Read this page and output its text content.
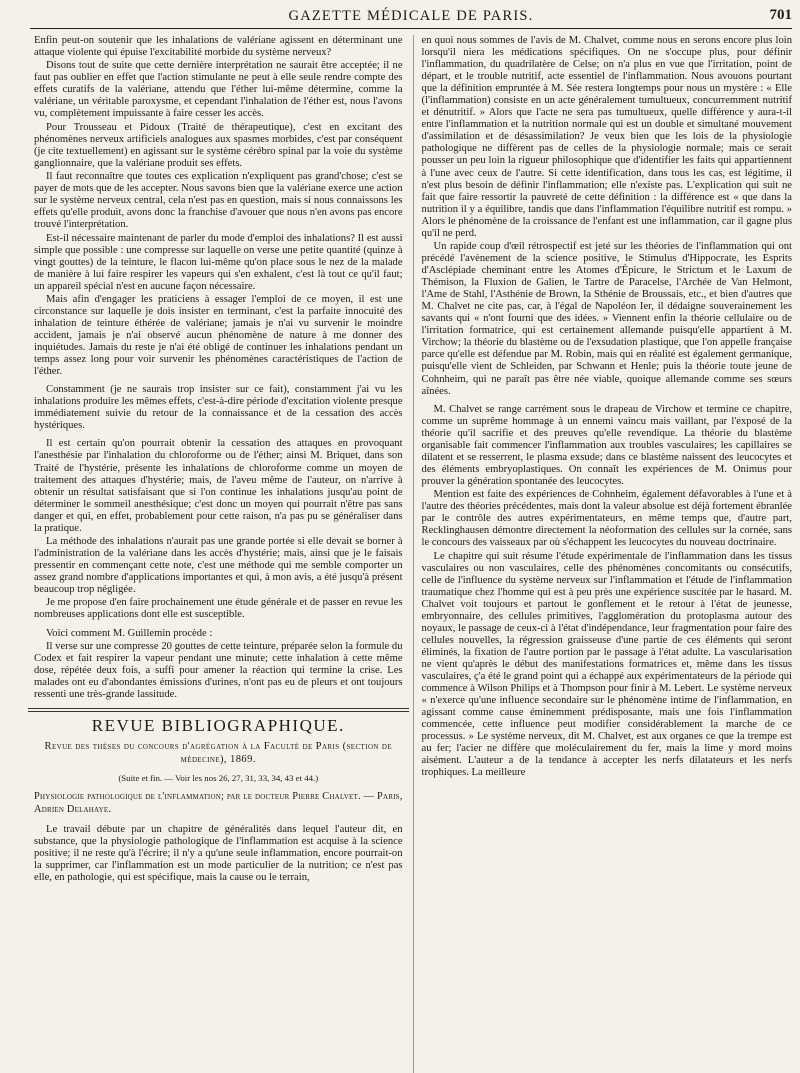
GAZETTE MÉDICALE DE PARIS.	701

Enfin peut-on soutenir que les inhalations de valériane agissent en déterminant une attaque violente qui épuise l'excitabilité morbide du système nerveux?

Disons tout de suite que cette dernière interprétation ne saurait être acceptée; il ne faut pas oublier en effet que l'action stimulante ne peut à elle seule rendre compte des effets curatifs de la valériane, attendu que l'éther lui-même détermine, comme la valériane, un véritable paroxysme, et cependant l'inhalation de l'éther est, nous l'avons vu, complètement impuissante à faire cesser les accès.

Pour Trousseau et Pidoux (Traité de thérapeutique), c'est en excitant des phénomènes nerveux artificiels analogues aux spasmes morbides, c'est par conséquent (je cite textuellement) en agissant sur le système cérébro spinal par la voie du système ganglionnaire, que la valériane produit ses effets.

Il faut reconnaître que toutes ces explication n'expliquent pas grand'chose; c'est se payer de mots que de les accepter. Nous savons bien que la valériane exerce une action sur le système nerveux central, cela n'est pas en question, mais si nous connaissons les effets qu'elle produit, avons donc la franchise d'avouer que nous n'en avons pas encore trouvé l'interprétation.

Est-il nécessaire maintenant de parler du mode d'emploi des inhalations? Il est aussi simple que possible : une compresse sur laquelle on verse une petite quantité (quinze à vingt gouttes) de la teinture, le flacon lui-même qu'on place sous le nez de la malade de manière à lui faire respirer les vapeurs qui s'en exhalent, c'est là tout ce qu'il faut; un appareil spécial n'est en aucune façon nécessaire.

Mais afin d'engager les praticiens à essager l'emploi de ce moyen, il est une circonstance sur laquelle je dois insister en terminant, c'est la parfaite innocuité des inhalation de teinture éthérée de valériane; jamais je n'ai vu survenir le moindre accident, jamais je n'ai observé aucun phénomène de nature à me donner des inquiétudes. Jamais du reste je n'ai été obligé de continuer les inhalations pendant un temps assez long pour voir survenir les phénomènes caractéristiques de l'action de l'éther.

Constamment (je ne saurais trop insister sur ce fait), constamment j'ai vu les inhalations produire les mêmes effets, c'est-à-dire période d'excitation violente presque immédiatement suivie du retour de la connaissance et de la cessation des accès hystériques.

Il est certain qu'on pourrait obtenir la cessation des attaques en provoquant l'anesthésie par l'inhalation du chloroforme ou de l'éther; ainsi M. Briquet, dans son Traité de l'hystérie, présente les inhalations de chloroforme comme un moyen de traitement des attaques d'hystérie; mais, de l'aveu même de l'auteur, on n'arrive à obtenir un résultat satisfaisant que si l'on continue les inhalations jusqu'au point de déterminer le sommeil anesthésique; c'est donc un moyen qui pourrait n'être pas sans danger et qui, en effet, probablement pour cette raison, n'a pas pu se généraliser dans la pratique.

La méthode des inhalations n'aurait pas une grande portée si elle devait se borner à l'administration de la valériane dans les accès d'hystérie; mais, ainsi que je le faisais pressentir en commençant cette note, c'est une méthode qui me semble comporter un assez grand nombre d'applications importantes et qui, à mon avis, a été jusqu'à présent beaucoup trop négligée.

Je me propose d'en faire prochainement une étude générale et de passer en revue les nombreuses applications dont elle est susceptible.

Voici comment M. Guillemin procède :

Il verse sur une compresse 20 gouttes de cette teinture, préparée selon la formule du Codex et fait respirer la vapeur pendant une minute; cette inhalation à cette même dose, répétée deux fois, a suffi pour amener la réaction qui termine la crise. Les malades ont eu d'abondantes émissions d'urines, n'ont pas eu de pleurs et ont toujours ressenti une très-grande lassitude.

REVUE BIBLIOGRAPHIQUE.
Revue des thèses du concours d'agrégation à la Faculté de Paris (section de médecine), 1869.
(Suite et fin. — Voir les nos 26, 27, 31, 33, 34, 43 et 44.)
Physiologie pathologique de l'inflammation; par le docteur Pierre Chalvet. — Paris, Adrien Delahaye.

Le travail débute par un chapitre de généralités dans lequel l'auteur dit, en substance, que la physiologie pathologique de l'inflammation est acquise à la science positive; il ne reste qu'à l'écrire; il n'y a qu'une seule inflammation, encore pourrait-on la supprimer, car l'inflammation est un mode particulier de la nutrition; ce n'est pas elle, en pathologie, qui est spécifique, mais la cause ou le terrain,

en quoi nous sommes de l'avis de M. Chalvet, comme nous en serons encore plus loin lorsqu'il niera les médications spécifiques. On ne s'occupe plus, pour définir l'inflammation, du quadrilatère de Celse; on n'a plus en vue que l'irritation, point de départ, et le trouble nutritif, acte essentiel de l'inflammation. Nous avouons pourtant que la définition empruntée à M. Sée restera longtemps pour nous un mystère : « Elle (l'inflammation) consiste en un acte généralement tumultueux, concurremment nutritif et dénutritif. » Alors que l'acte ne sera pas tumultueux, quelle différence y aura-t-il entre l'inflammation et la nutrition normale qui est un double et simultané mouvement d'assimilation et de désassimilation? Je veux bien que les lois de la physiologie pathologique ne diffèrent pas de celles de la physiologie normale; mais ce serait pousser un peu loin la rigueur philosophique que d'identifier les faits qui appartiennent à l'une avec ceux de l'autre. Si cette identification, dans tous les cas, est légitime, il n'est plus besoin de définir l'inflammation; elle n'existe pas. L'explication qui suit ne fait que faire ressortir la pauvreté de cette définition : la différence est « que dans la nutrition il y a équilibre, tandis que dans l'inflammation l'équilibre nutritif est rompu. » Alors le phénomène de la croissance de l'enfant est une inflammation, car il gagne plus qu'il ne perd.

Un rapide coup d'œil rétrospectif est jeté sur les théories de l'inflammation qui ont précédé l'avènement de la science positive, le Stimulus d'Hippocrate, les Esprits d'Asclépiade cheminant entre les Atomes d'Épicure, le Strictum et le Laxum de Thémison, la Fluxion de Galien, le Tartre de Paracelse, l'Archée de Van Helmont, l'Ame de Stahl, l'Asthénie de Brown, la Sthénie de Broussais, etc., et bien d'autres que M. Chalvet ne cite pas, car, à l'égal de Napoléon Ier, il dédaigne souverainement les savants qui « n'ont fourni que des idées. » Viennent enfin la théorie cellulaire ou de l'irritation formatrice, qui est certainement allemande puisqu'elle appartient à M. Virchow; la théorie du blastème ou de l'exsudation plastique, que l'on appelle française parce qu'elle est défendue par M. Robin, mais qui en réalité est également germanique, puisqu'elle vient de Schleiden, par Schwann et Henle; puis la théorie toute jeune de Cohnheim, qui ne paraît pas être née viable, quoique allemande comme ses sœurs aînées.

M. Chalvet se range carrément sous le drapeau de Virchow et termine ce chapitre, comme un suprême hommage à un ennemi vaincu mais vaillant, par l'exposé de la théorie qu'il sacrifie et des preuves qu'elle revendique. La théorie du blastème organisable fait commencer l'inflammation aux troubles vasculaires; les capillaires se dilatent et se resserrent, le plasma exsude; dans ce blastème naissent des leucocytes et des éléments embryoplastiques. On connaît les expériences de M. Onimus pour prouver la génération spontanée des leucocytes.

Mention est faite des expériences de Cohnheim, également défavorables à l'une et à l'autre des théories précédentes, mais dont la valeur absolue est déjà fortement ébranlée par le contrôle des autres expérimentateurs, en même temps que, d'autre part, Recklinghausen démontre directement la néoformation des cellules sur la cornée, sans le concours des vaisseaux par où s'échappent les leucocytes du nouveau doctrinaire.

Le chapitre qui suit résume l'étude expérimentale de l'inflammation dans les tissus vasculaires ou non vasculaires, celle des phénomènes concomitants ou consécutifs, celle de l'influence du système nerveux sur l'inflammation et l'étude de l'inflammation traumatique chez l'homme qui est à peu près une expérience suscitée par le hasard. M. Chalvet voit toujours et partout le gonflement et le retour à l'état de jeunesse, embryonnaire, des cellules primitives, l'agglomération du protoplasma autour des noyaux, le passage de ceux-ci à l'état d'indépendance, leur fragmentation pour faire des cellules nouvelles, la régression graisseuse d'une partie de ces éléments qui seront éliminés, la fixation de l'autre portion par le passage à l'état adulte. La vascularisation ne vient qu'après le début des manifestations formatrices et, même dans les tissus vasculaires, ç'a été le grand point qui a échappé aux expérimentateurs de la période qui commence à Wilson Philips et à Thompson pour finir à M. Lebert. Le système nerveux « n'exerce qu'une influence secondaire sur le phénomène intime de l'inflammation, en agissant comme cause éminemment prédisposante, mais une fois l'inflammation commencée, cette influence peut modifier considérablement la marche de ce processus. » Le système nerveux, dit M. Chalvet, est aux organes ce que la trempe est au fer; l'acier ne diffère que moléculairement du fer, mais la lime y mord moins aisément. L'auteur a de la tendance à accepter les nerfs dilatateurs et les nerfs trophiques. La meilleure
